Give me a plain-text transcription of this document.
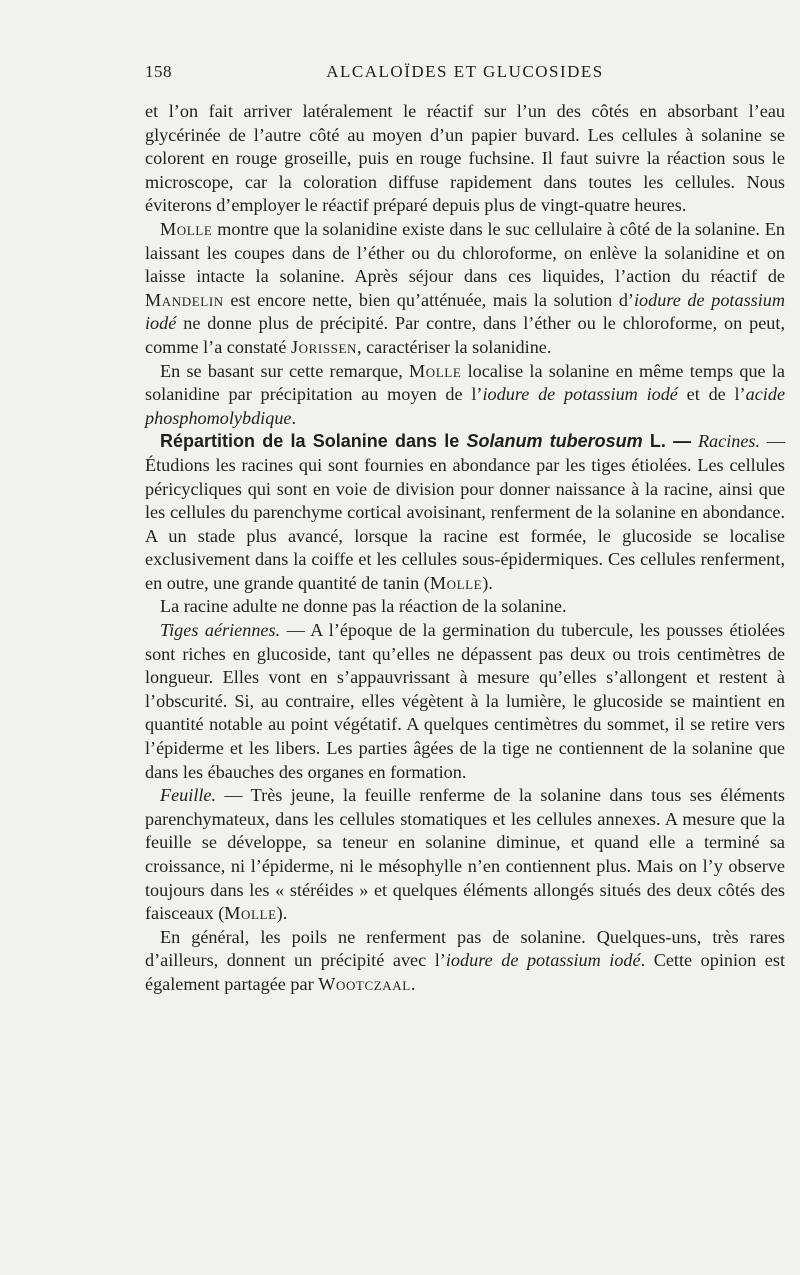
158	ALCALOÏDES ET GLUCOSIDES

et l’on fait arriver latéralement le réactif sur l’un des côtés en absorbant l’eau glycérinée de l’autre côté au moyen d’un papier buvard. Les cellules à solanine se colorent en rouge groseille, puis en rouge fuchsine. Il faut suivre la réaction sous le microscope, car la coloration diffuse rapidement dans toutes les cellules. Nous éviterons d’employer le réactif préparé depuis plus de vingt-quatre heures.

Molle montre que la solanidine existe dans le suc cellulaire à côté de la solanine. En laissant les coupes dans de l’éther ou du chloroforme, on enlève la solanidine et on laisse intacte la solanine. Après séjour dans ces liquides, l’action du réactif de Mandelin est encore nette, bien qu’atténuée, mais la solution d’iodure de potassium iodé ne donne plus de précipité. Par contre, dans l’éther ou le chloroforme, on peut, comme l’a constaté Jorissen, caractériser la solanidine.

En se basant sur cette remarque, Molle localise la solanine en même temps que la solanidine par précipitation au moyen de l’iodure de potassium iodé et de l’acide phosphomolybdique.

Répartition de la Solanine dans le Solanum tuberosum L. — Racines. — Étudions les racines qui sont fournies en abondance par les tiges étiolées. Les cellules péricycliques qui sont en voie de division pour donner naissance à la racine, ainsi que les cellules du parenchyme cortical avoisinant, renferment de la solanine en abondance. A un stade plus avancé, lorsque la racine est formée, le glucoside se localise exclusivement dans la coiffe et les cellules sous-épidermiques. Ces cellules renferment, en outre, une grande quantité de tanin (Molle).

La racine adulte ne donne pas la réaction de la solanine.

Tiges aériennes. — A l’époque de la germination du tubercule, les pousses étiolées sont riches en glucoside, tant qu’elles ne dépassent pas deux ou trois centimètres de longueur. Elles vont en s’appauvrissant à mesure qu’elles s’allongent et restent à l’obscurité. Si, au contraire, elles végètent à la lumière, le glucoside se maintient en quantité notable au point végétatif. A quelques centimètres du sommet, il se retire vers l’épiderme et les libers. Les parties âgées de la tige ne contiennent de la solanine que dans les ébauches des organes en formation.

Feuille. — Très jeune, la feuille renferme de la solanine dans tous ses éléments parenchymateux, dans les cellules stomatiques et les cellules annexes. A mesure que la feuille se développe, sa teneur en solanine diminue, et quand elle a terminé sa croissance, ni l’épiderme, ni le mésophylle n’en contiennent plus. Mais on l’y observe toujours dans les « stéréides » et quelques éléments allongés situés des deux côtés des faisceaux (Molle).

En général, les poils ne renferment pas de solanine. Quelques-uns, très rares d’ailleurs, donnent un précipité avec l’iodure de potassium iodé. Cette opinion est également partagée par Wootczaal.
